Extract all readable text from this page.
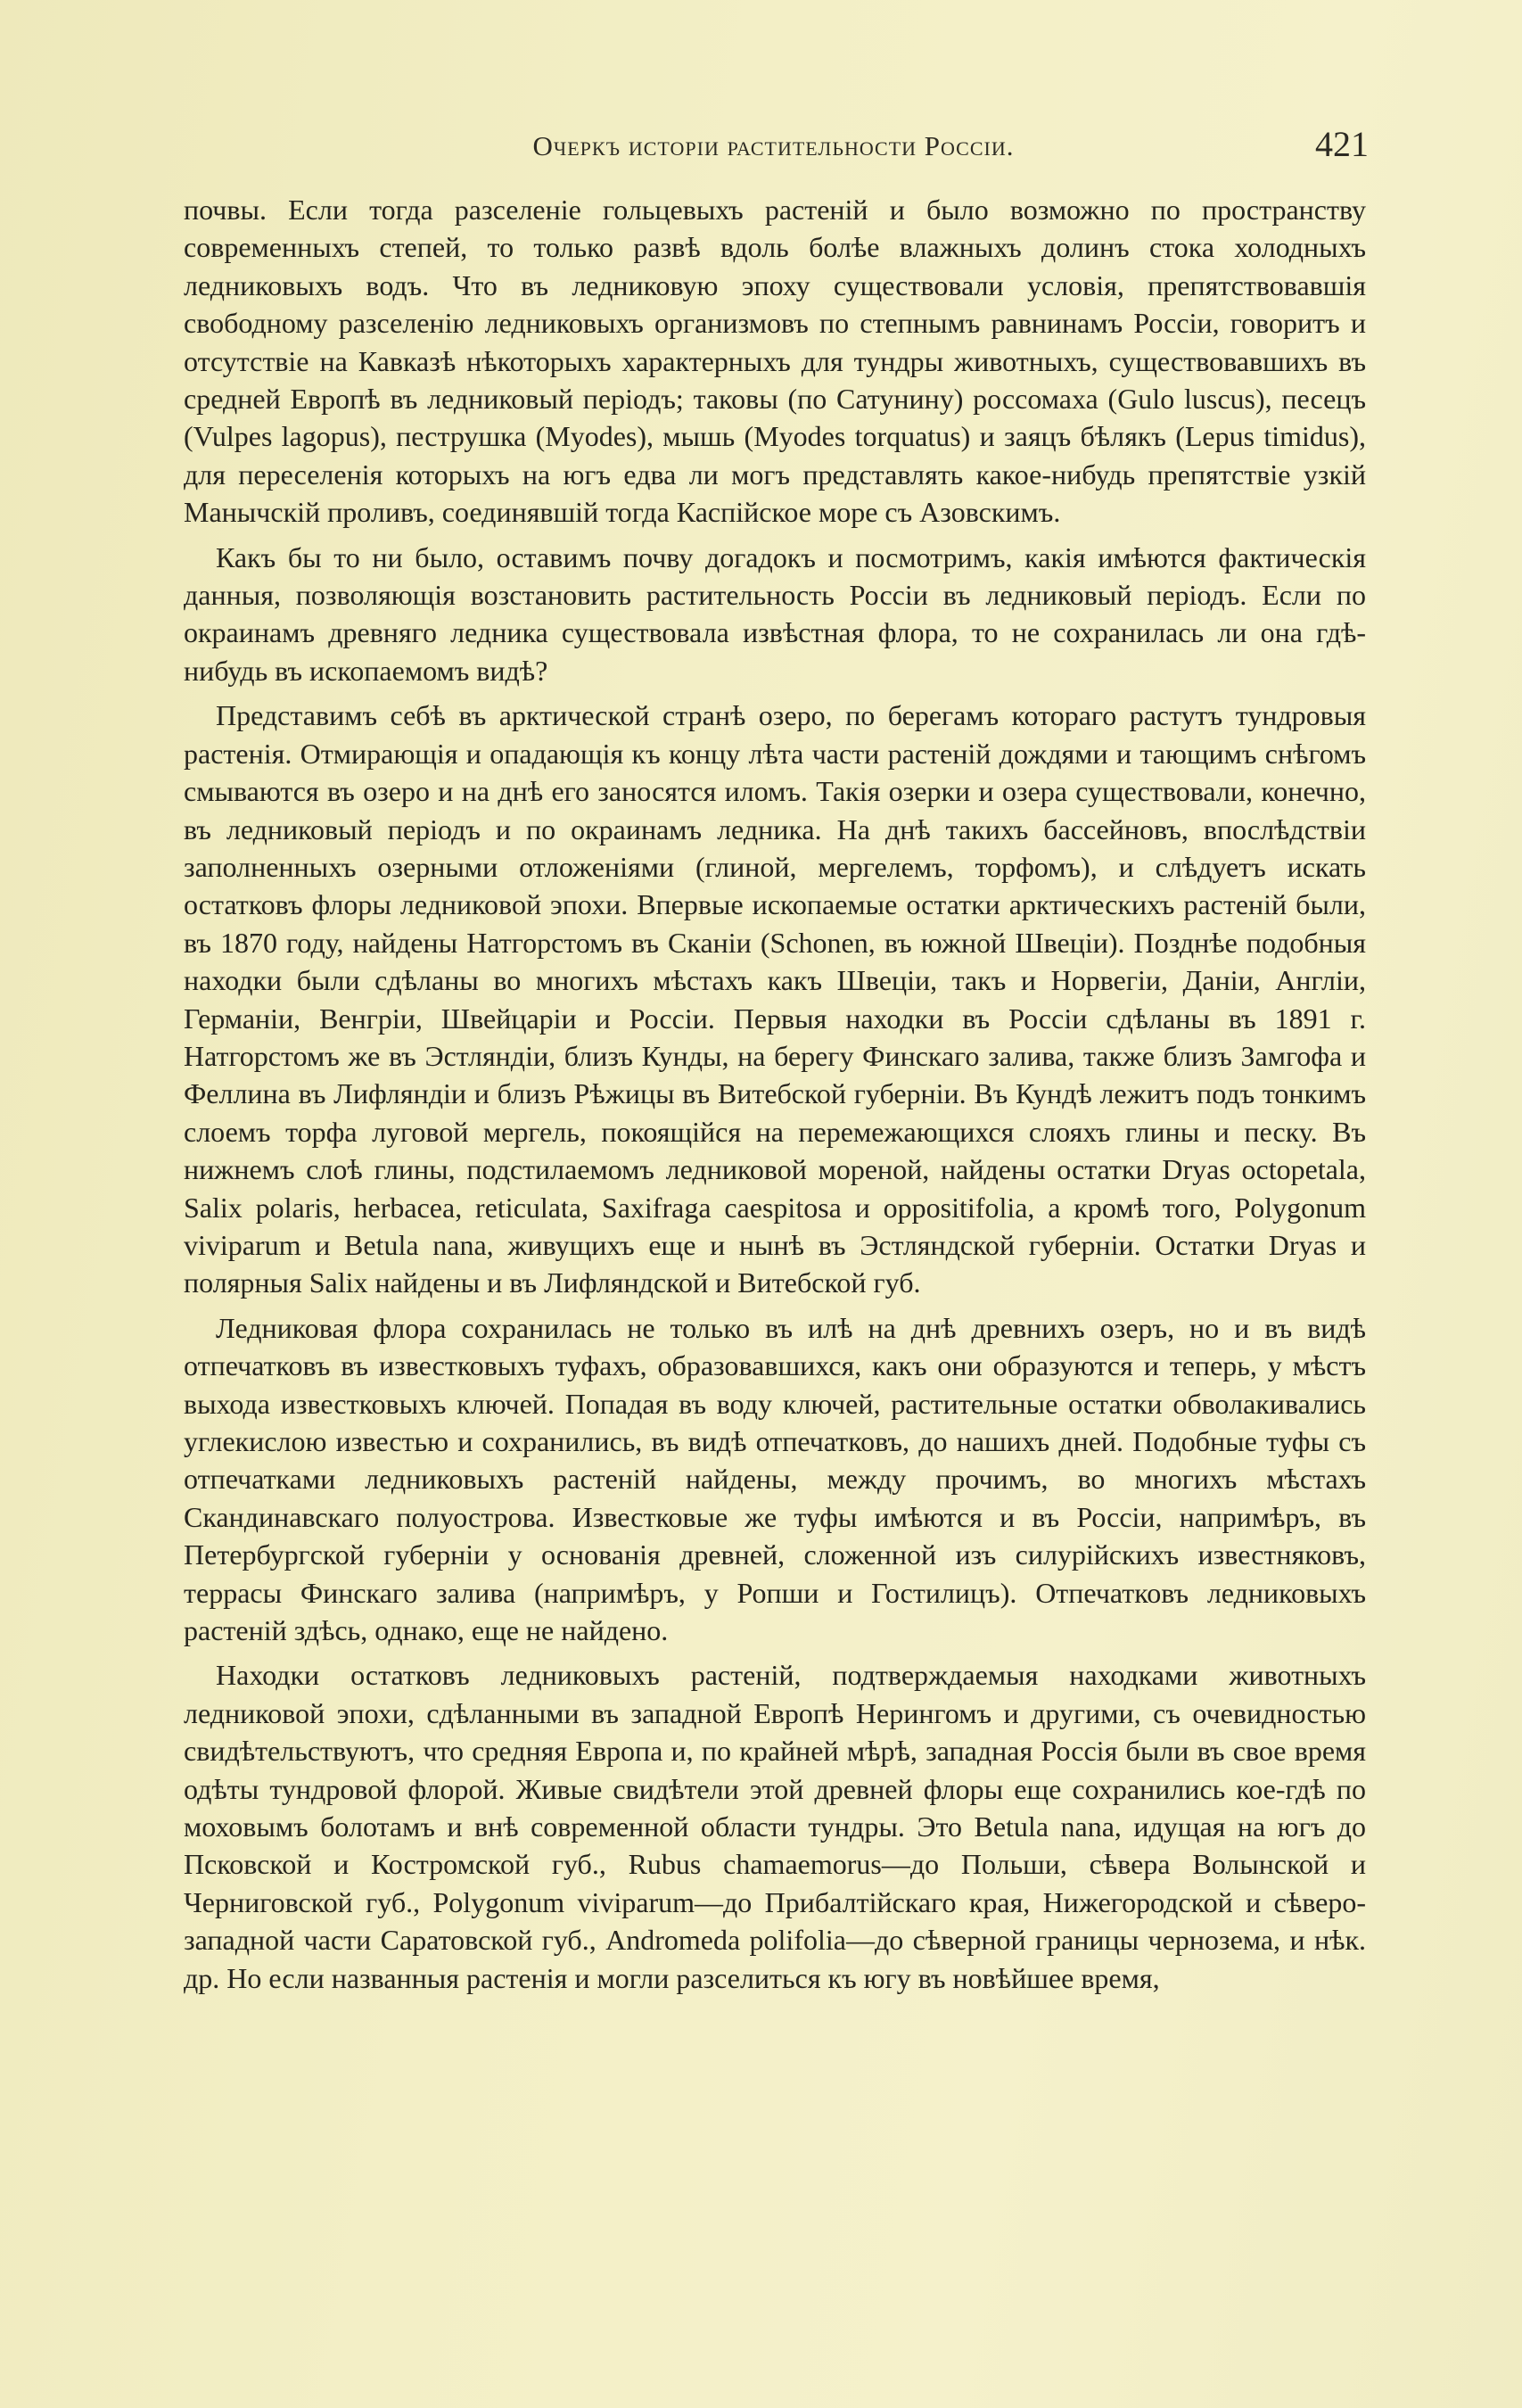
Очеркъ исторіи растительности Россіи.	421

почвы. Если тогда разселеніе гольцевыхъ растеній и было возможно по пространству современныхъ степей, то только развѣ вдоль болѣе влажныхъ долинъ стока холодныхъ ледниковыхъ водъ. Что въ ледниковую эпоху существовали условія, препятствовавшія свободному разселенію ледниковыхъ организмовъ по степнымъ равнинамъ Россіи, говоритъ и отсутствіе на Кавказѣ нѣкоторыхъ характерныхъ для тундры животныхъ, существовавшихъ въ средней Европѣ въ ледниковый періодъ; таковы (по Сатунину) россомаха (Gulo luscus), песецъ (Vulpes lagopus), пеструшка (Myodes), мышь (Myodes torquatus) и заяцъ бѣлякъ (Lepus timidus), для переселенія которыхъ на югъ едва ли могъ представлять какое-нибудь препятствіе узкій Манычскій проливъ, соединявшій тогда Каспійское море съ Азовскимъ.

Какъ бы то ни было, оставимъ почву догадокъ и посмотримъ, какія имѣются фактическія данныя, позволяющія возстановить растительность Россіи въ ледниковый періодъ. Если по окраинамъ древняго ледника существовала извѣстная флора, то не сохранилась ли она гдѣ-нибудь въ ископаемомъ видѣ?

Представимъ себѣ въ арктической странѣ озеро, по берегамъ котораго растутъ тундровыя растенія. Отмирающія и опадающія къ концу лѣта части растеній дождями и тающимъ снѣгомъ смываются въ озеро и на днѣ его заносятся иломъ. Такія озерки и озера существовали, конечно, въ ледниковый періодъ и по окраинамъ ледника. На днѣ такихъ бассейновъ, впослѣдствіи заполненныхъ озерными отложеніями (глиной, мергелемъ, торфомъ), и слѣдуетъ искать остатковъ флоры ледниковой эпохи. Впервые ископаемые остатки арктическихъ растеній были, въ 1870 году, найдены Натгорстомъ въ Сканіи (Schonen, въ южной Швеціи). Позднѣе подобныя находки были сдѣланы во многихъ мѣстахъ какъ Швеціи, такъ и Норвегіи, Даніи, Англіи, Германіи, Венгріи, Швейцаріи и Россіи. Первыя находки въ Россіи сдѣланы въ 1891 г. Натгорстомъ же въ Эстляндіи, близъ Кунды, на берегу Финскаго залива, также близъ Замгофа и Феллина въ Лифляндіи и близъ Рѣжицы въ Витебской губерніи. Въ Кундѣ лежитъ подъ тонкимъ слоемъ торфа луговой мергель, покоящійся на перемежающихся слояхъ глины и песку. Въ нижнемъ слоѣ глины, подстилаемомъ ледниковой мореной, найдены остатки Dryas octopetala, Salix polaris, herbacea, reticulata, Saxifraga caespitosa и oppositifolia, а кромѣ того, Polygonum viviparum и Betula nana, живущихъ еще и нынѣ въ Эстляндской губерніи. Остатки Dryas и полярныя Salix найдены и въ Лифляндской и Витебской губ.

Ледниковая флора сохранилась не только въ илѣ на днѣ древнихъ озеръ, но и въ видѣ отпечатковъ въ известковыхъ туфахъ, образовавшихся, какъ они образуются и теперь, у мѣстъ выхода известковыхъ ключей. Попадая въ воду ключей, растительные остатки обволакивались углекислою известью и сохранились, въ видѣ отпечатковъ, до нашихъ дней. Подобные туфы съ отпечатками ледниковыхъ растеній найдены, между прочимъ, во многихъ мѣстахъ Скандинавскаго полуострова. Известковые же туфы имѣются и въ Россіи, напримѣръ, въ Петербургской губерніи у основанія древней, сложенной изъ силурійскихъ известняковъ, террасы Финскаго залива (напримѣръ, у Ропши и Гостилицъ). Отпечатковъ ледниковыхъ растеній здѣсь, однако, еще не найдено.

Находки остатковъ ледниковыхъ растеній, подтверждаемыя находками животныхъ ледниковой эпохи, сдѣланными въ западной Европѣ Нерингомъ и другими, съ очевидностью свидѣтельствуютъ, что средняя Европа и, по крайней мѣрѣ, западная Россія были въ свое время одѣты тундровой флорой. Живые свидѣтели этой древней флоры еще сохранились кое-гдѣ по моховымъ болотамъ и внѣ современной области тундры. Это Betula nana, идущая на югъ до Псковской и Костромской губ., Rubus chamaemorus—до Польши, сѣвера Волынской и Черниговской губ., Polygonum viviparum—до Прибалтійскаго края, Нижегородской и сѣверо-западной части Саратовской губ., Andromeda polifolia—до сѣверной границы чернозема, и нѣк. др. Но если названныя растенія и могли разселиться къ югу въ новѣйшее время,
